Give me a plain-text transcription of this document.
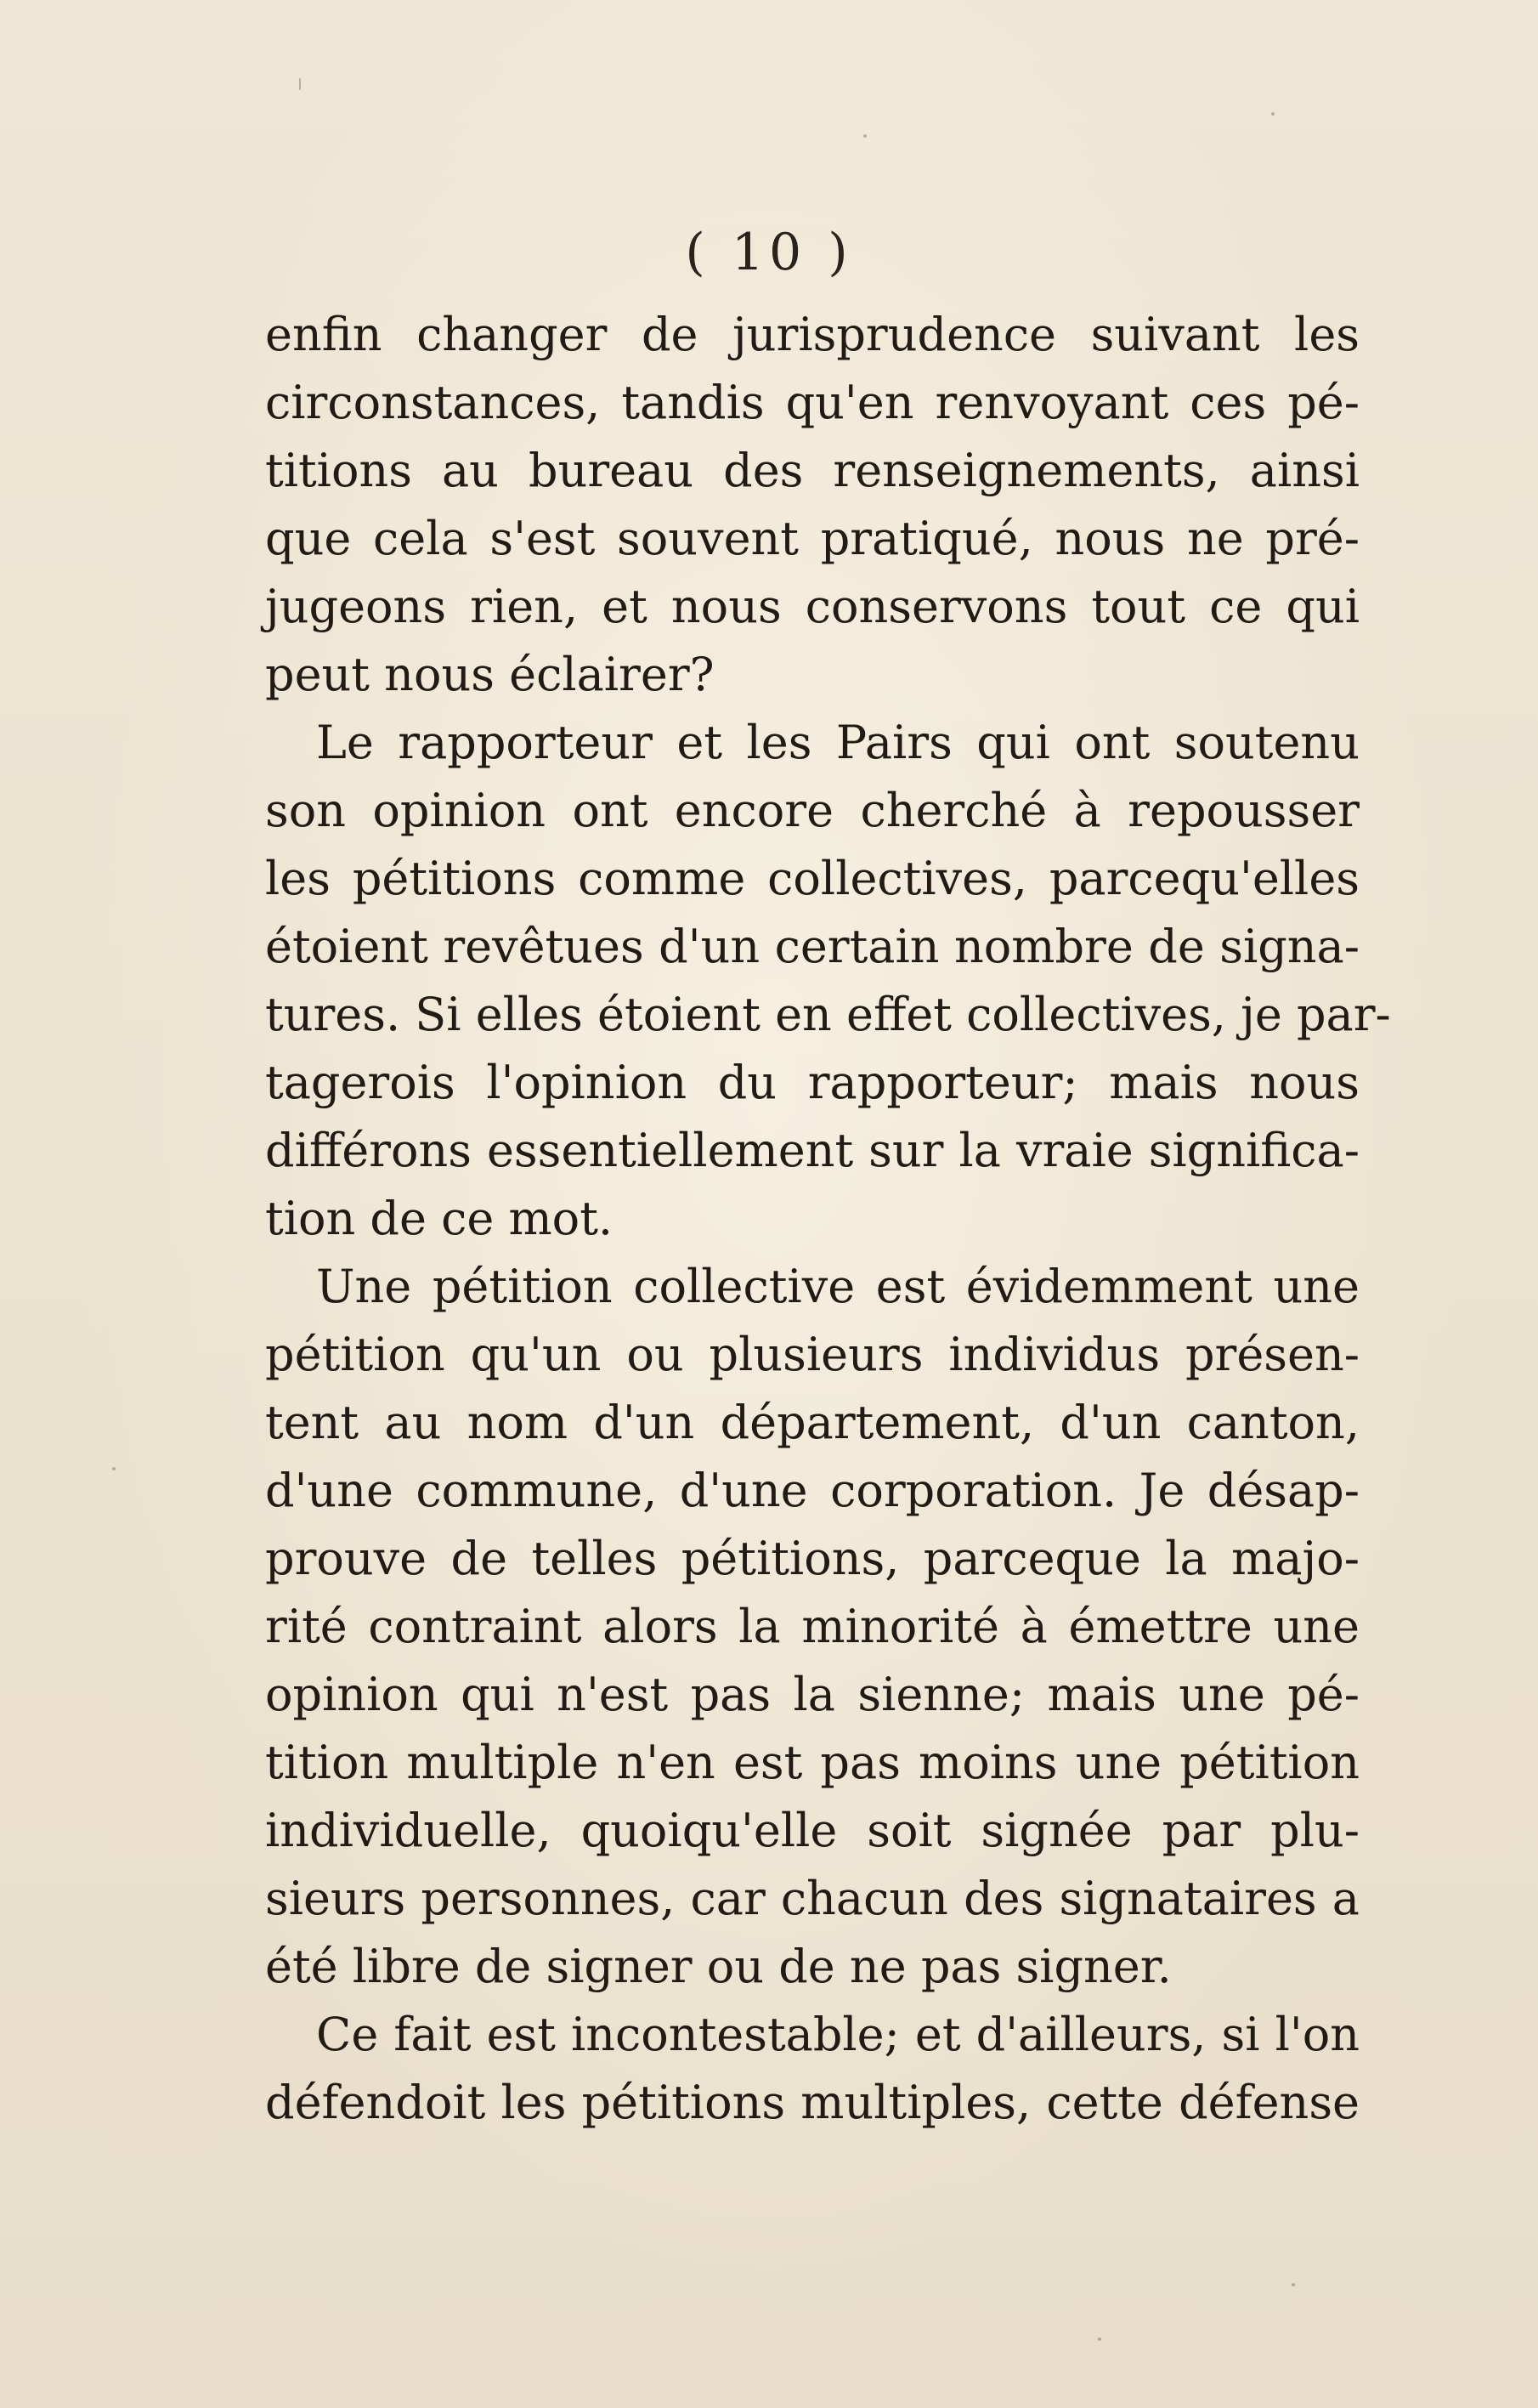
( 10 )
enfin changer de jurisprudence suivant les
circonstances, tandis qu'en renvoyant ces pé-
titions au bureau des renseignements, ainsi
que cela s'est souvent pratiqué, nous ne pré-
jugeons rien, et nous conservons tout ce qui
peut nous éclairer?
Le rapporteur et les Pairs qui ont soutenu
son opinion ont encore cherché à repousser
les pétitions comme collectives, parcequ'elles
étoient revêtues d'un certain nombre de signa-
tures. Si elles étoient en effet collectives, je par-
tagerois l'opinion du rapporteur; mais nous
différons essentiellement sur la vraie significa-
tion de ce mot.
Une pétition collective est évidemment une
pétition qu'un ou plusieurs individus présen-
tent au nom d'un département, d'un canton,
d'une commune, d'une corporation. Je désap-
prouve de telles pétitions, parceque la majo-
rité contraint alors la minorité à émettre une
opinion qui n'est pas la sienne; mais une pé-
tition multiple n'en est pas moins une pétition
individuelle, quoiqu'elle soit signée par plu-
sieurs personnes, car chacun des signataires a
été libre de signer ou de ne pas signer.
Ce fait est incontestable; et d'ailleurs, si l'on
défendoit les pétitions multiples, cette défense
